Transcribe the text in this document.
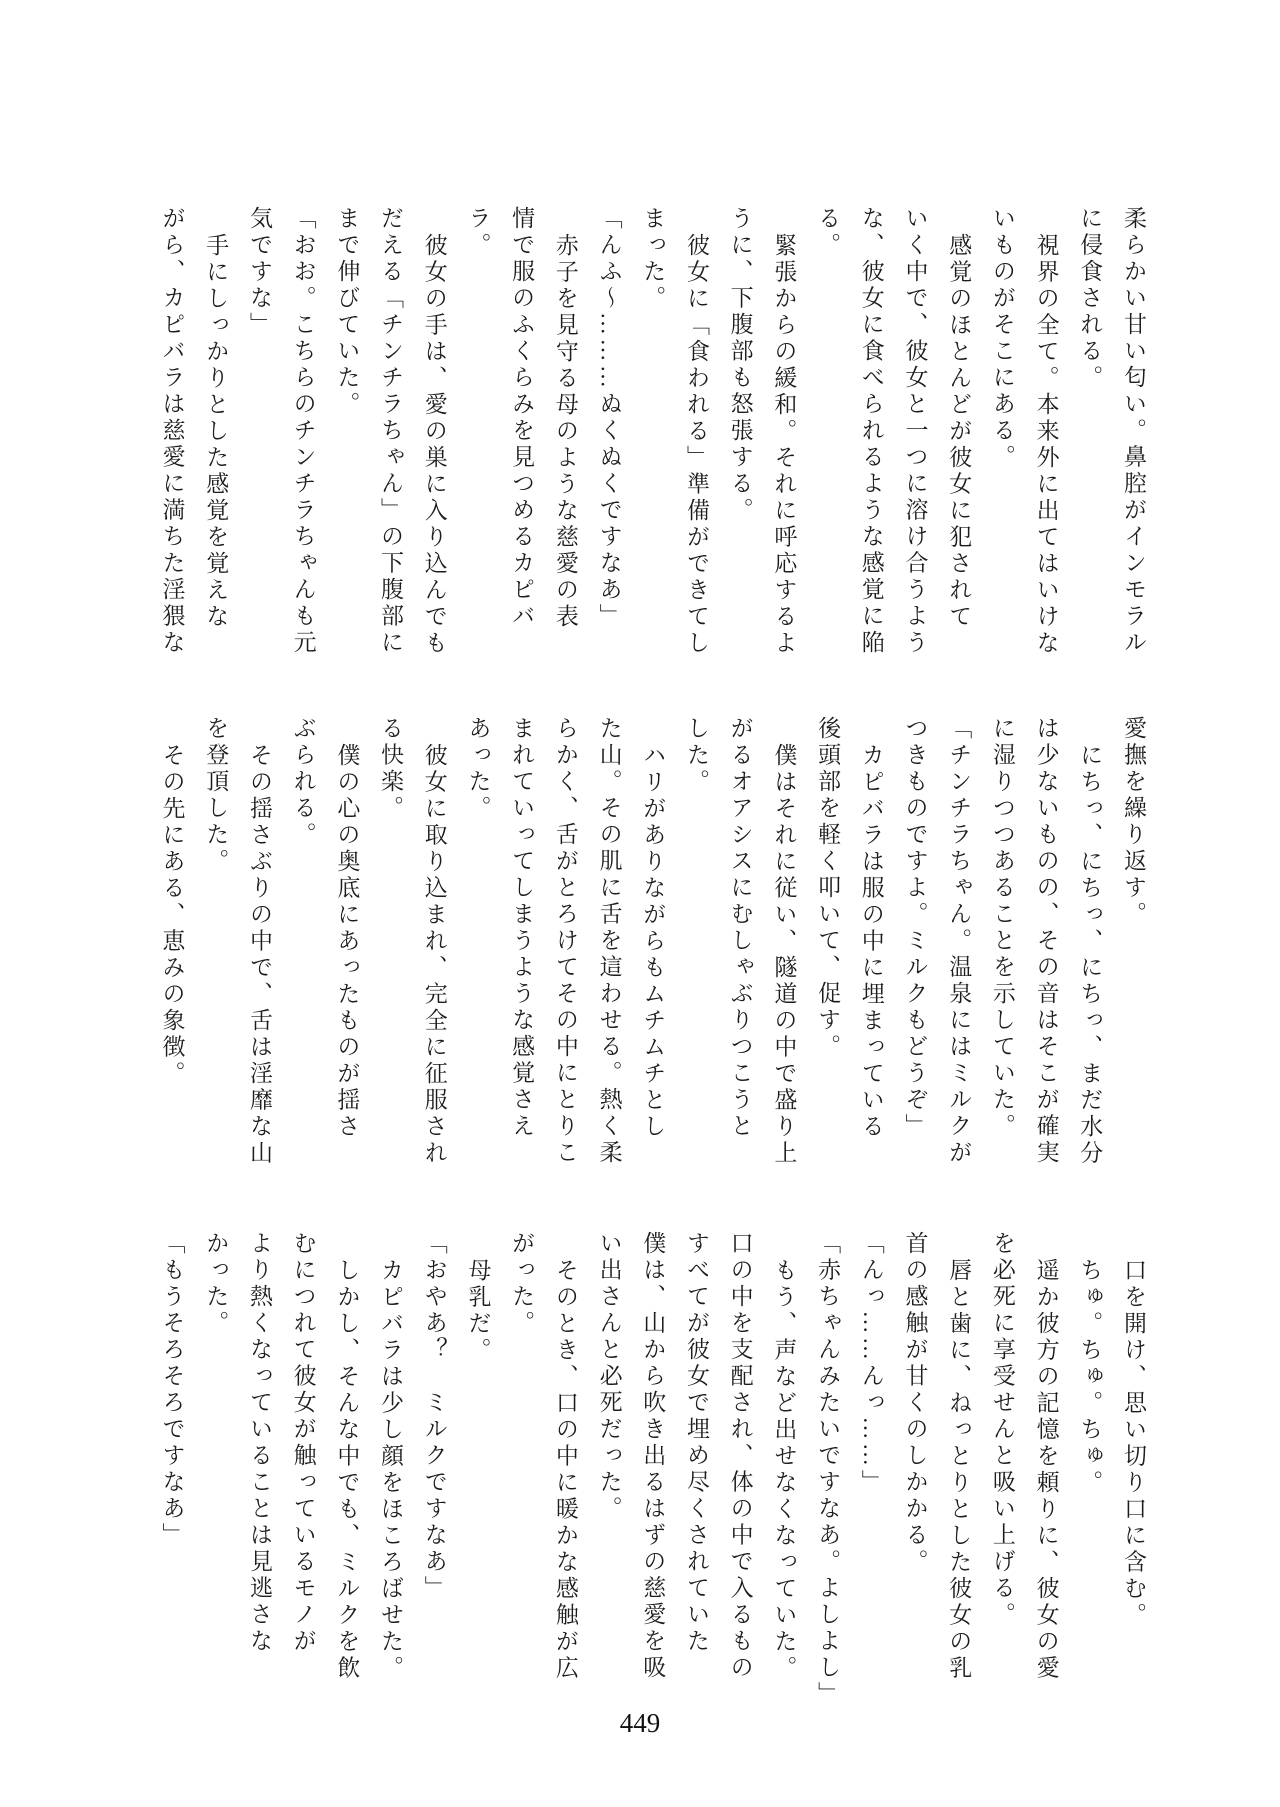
柔らかい甘い匂い。鼻腔がインモラル

に侵食される。

視界の全て。本来外に出てはいけな

いものがそこにある。

感覚のほとんどが彼女に犯されて

いく中で、彼女と一つに溶け合うよう

な、彼女に食べられるような感覚に陥

る。

緊張からの緩和。それに呼応するよ

うに、下腹部も怒張する。

彼女に「食われる」準備ができてし

まった。

「んふ〜………ぬくぬくですなあ」

赤子を見守る母のような慈愛の表

情で服のふくらみを見つめるカピバ

ラ。

彼女の手は、愛の巣に入り込んでも

だえる「チンチラちゃん」の下腹部に

まで伸びていた。

「おお。こちらのチンチラちゃんも元

気ですな」

手にしっかりとした感覚を覚えな

がら、カピバラは慈愛に満ちた淫猥な

愛撫を繰り返す。

にちっ、にちっ、にちっ、まだ水分

は少ないものの、その音はそこが確実

に湿りつつあることを示していた。

「チンチラちゃん。温泉にはミルクが

つきものですよ。ミルクもどうぞ」

カピバラは服の中に埋まっている

後頭部を軽く叩いて、促す。

僕はそれに従い、隧道の中で盛り上

がるオアシスにむしゃぶりつこうと

した。

ハリがありながらもムチムチとし

た山。その肌に舌を這わせる。熱く柔

らかく、舌がとろけてその中にとりこ

まれていってしまうような感覚さえ

あった。

彼女に取り込まれ、完全に征服され

る快楽。

僕の心の奥底にあったものが揺さ

ぶられる。

その揺さぶりの中で、舌は淫靡な山

を登頂した。

その先にある、恵みの象徴。

口を開け、思い切り口に含む。

ちゅ。ちゅ。ちゅ。

遥か彼方の記憶を頼りに、彼女の愛

を必死に享受せんと吸い上げる。

唇と歯に、ねっとりとした彼女の乳

首の感触が甘くのしかかる。

「んっ……んっ……」

「赤ちゃんみたいですなあ。よしよし」

もう、声など出せなくなっていた。

口の中を支配され、体の中で入るもの

すべてが彼女で埋め尽くされていた

僕は、山から吹き出るはずの慈愛を吸

い出さんと必死だった。

そのとき、口の中に暖かな感触が広

がった。

母乳だ。

「おやあ？　ミルクですなあ」

カピバラは少し顔をほころばせた。

しかし、そんな中でも、ミルクを飲

むにつれて彼女が触っているモノが

より熱くなっていることは見逃さな

かった。

「もうそろそろですなあ」

449
